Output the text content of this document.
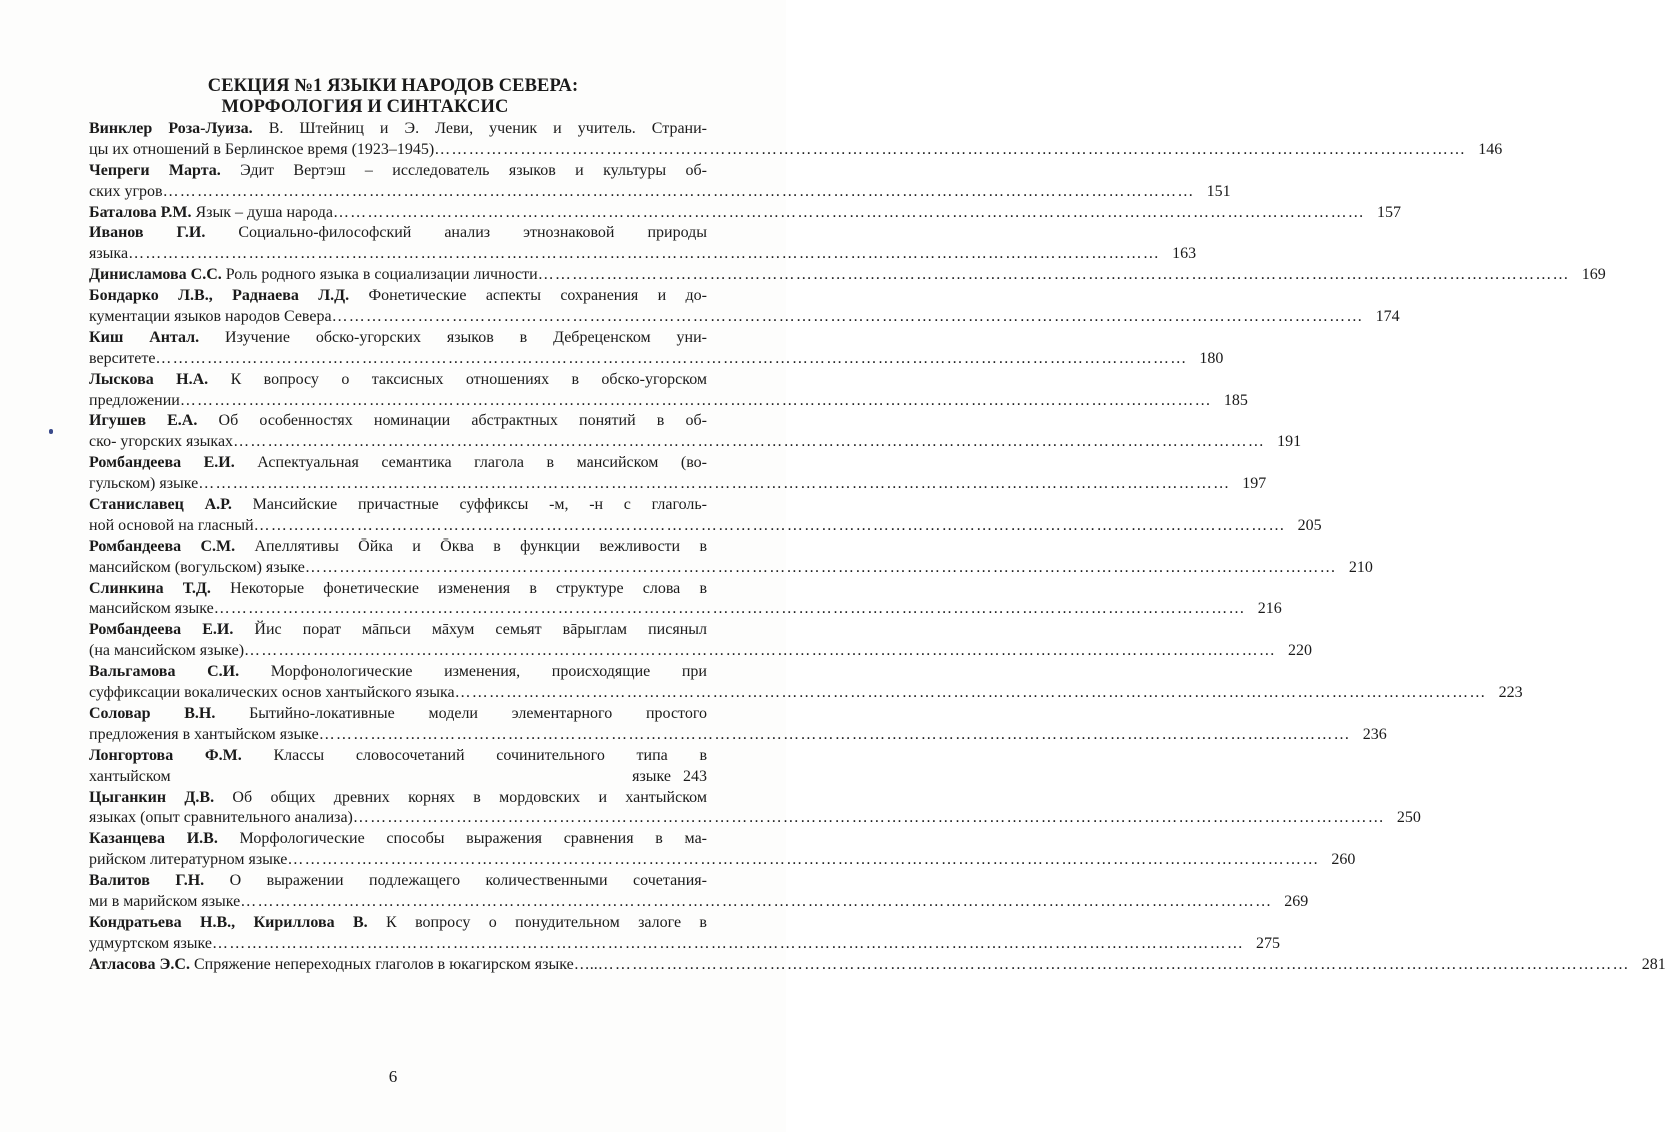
СЕКЦИЯ №1 ЯЗЫКИ НАРОДОВ СЕВЕРА:
МОРФОЛОГИЯ И СИНТАКСИС
Винклер Роза-Луиза. В. Штейниц и Э. Леви, ученик и учитель. Страни-
цы их отношений в Берлинское время (1923–1945) ……………………………………………………………………………………………………………………………………………………………… 146
Чепреги Марта. Эдит Вертэш – исследователь языков и культуры об-
ских угров ……………………………………………………………………………………………………………………………………………………………… 151
Баталова Р.М. Язык – душа народа ……………………………………………………………………………………………………………………………………………………………… 157
Иванов Г.И. Социально-философский анализ этнознаковой природы
языка ……………………………………………………………………………………………………………………………………………………………… 163
Динисламова С.С. Роль родного языка в социализации личности ……………………………………………………………………………………………………………………………………………………………… 169
Бондарко Л.В., Раднаева Л.Д. Фонетические аспекты сохранения и до-
кументации языков народов Севера ……………………………………………………………………………………………………………………………………………………………… 174
Киш Антал. Изучение обско-угорских языков в Дебреценском уни-
верситете ……………………………………………………………………………………………………………………………………………………………… 180
Лыскова Н.А. К вопросу о таксисных отношениях в обско-угорском
предложении ……………………………………………………………………………………………………………………………………………………………… 185
Игушев Е.А. Об особенностях номинации абстрактных понятий в об-
ско- угорских языках ……………………………………………………………………………………………………………………………………………………………… 191
Ромбандеева Е.И. Аспектуальная семантика глагола в мансийском (во-
гульском) языке ……………………………………………………………………………………………………………………………………………………………… 197
Станиславец А.Р. Мансийские причастные суффиксы -м, -н с глаголь-
ной основой на гласный ……………………………………………………………………………………………………………………………………………………………… 205
Ромбандеева С.М. Апеллятивы Ōйка и Ōква в функции вежливости в
мансийском (вогульском) языке ……………………………………………………………………………………………………………………………………………………………… 210
Слинкина Т.Д. Некоторые фонетические изменения в структуре слова в
мансийском языке ……………………………………………………………………………………………………………………………………………………………… 216
Ромбандеева Е.И. Йис порат мāпьси мāхум семьят вāрыглам писяныл
(на мансийском языке) ……………………………………………………………………………………………………………………………………………………………… 220
Вальгамова С.И. Морфонологические изменения, происходящие при
суффиксации вокалических основ хантыйского языка ……………………………………………………………………………………………………………………………………………………………… 223
Соловар В.Н. Бытийно-локативные модели элементарного простого
предложения в хантыйском языке ……………………………………………………………………………………………………………………………………………………………… 236
Лонгортова Ф.М. Классы словосочетаний сочинительного типа в
хантыйском	языке 243
Цыганкин Д.В. Об общих древних корнях в мордовских и хантыйском
языках (опыт сравнительного анализа) ……………………………………………………………………………………………………………………………………………………………… 250
Казанцева И.В. Морфологические способы выражения сравнения в ма-
рийском литературном языке ……………………………………………………………………………………………………………………………………………………………… 260
Валитов Г.Н. О выражении подлежащего количественными сочетания-
ми в марийском языке ……………………………………………………………………………………………………………………………………………………………… 269
Кондратьева Н.В., Кириллова В. К вопросу о понудительном залоге в
удмуртском языке ……………………………………………………………………………………………………………………………………………………………… 275
Атласова Э.С. Спряжение непереходных глаголов в юкагирском языке….. ……………………………………………………………………………………………………………………………………………………………… 281
6
